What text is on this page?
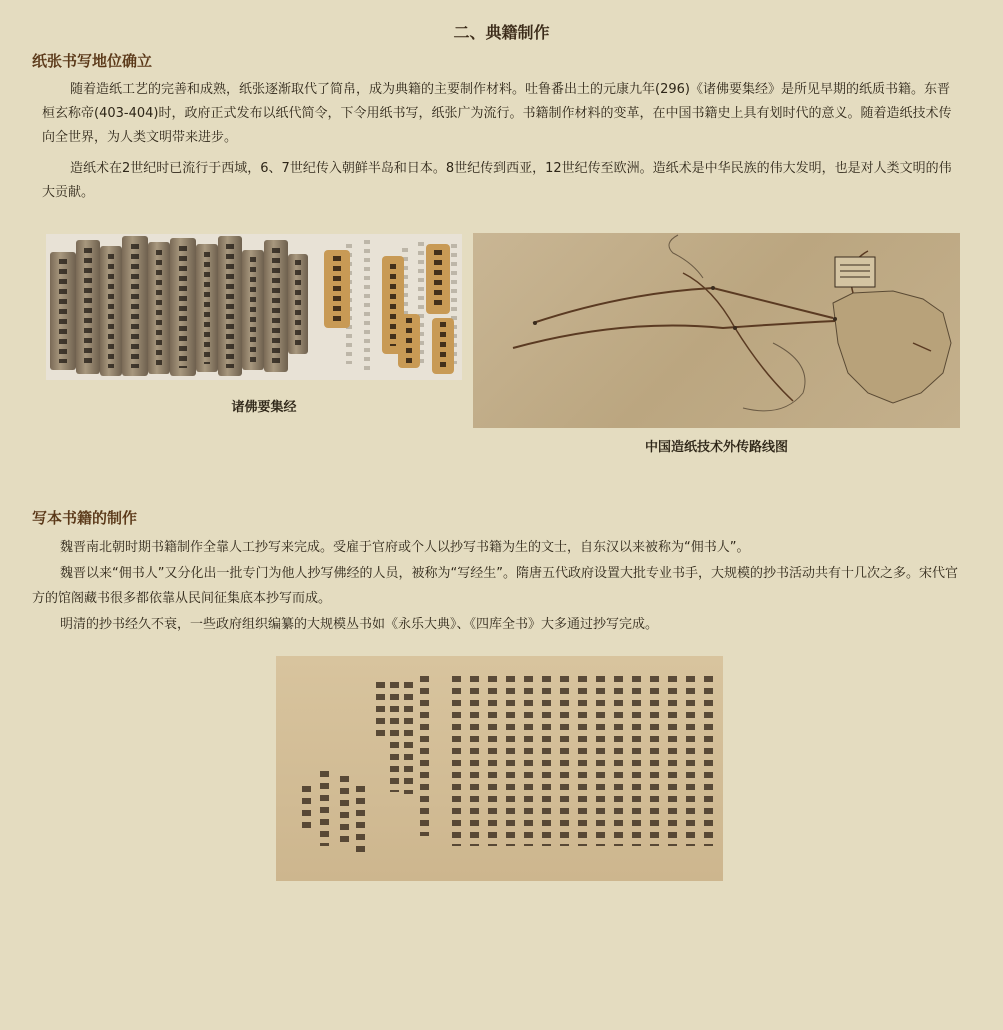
二、典籍制作
纸张书写地位确立
随着造纸工艺的完善和成熟，纸张逐渐取代了简帛，成为典籍的主要制作材料。吐鲁番出土的元康九年(296)《诸佛要集经》是所见早期的纸质书籍。东晋桓玄称帝(403-404)时，政府正式发布以纸代简令，下令用纸书写，纸张广为流行。书籍制作材料的变革，在中国书籍史上具有划时代的意义。随着造纸技术传向全世界，为人类文明带来进步。
造纸术在2世纪时已流行于西域，6、7世纪传入朝鲜半岛和日本。8世纪传到西亚，12世纪传至欧洲。造纸术是中华民族的伟大发明，也是对人类文明的伟大贡献。
诸佛要集经
中国造纸技术外传路线图
写本书籍的制作
魏晋南北朝时期书籍制作全靠人工抄写来完成。受雇于官府或个人以抄写书籍为生的文士，自东汉以来被称为“佣书人”。
魏晋以来“佣书人”又分化出一批专门为他人抄写佛经的人员，被称为“写经生”。隋唐五代政府设置大批专业书手，大规模的抄书活动共有十几次之多。宋代官方的馆阁藏书很多都依靠从民间征集底本抄写而成。
明清的抄书经久不衰，一些政府组织编纂的大规模丛书如《永乐大典》、《四库全书》大多通过抄写完成。
